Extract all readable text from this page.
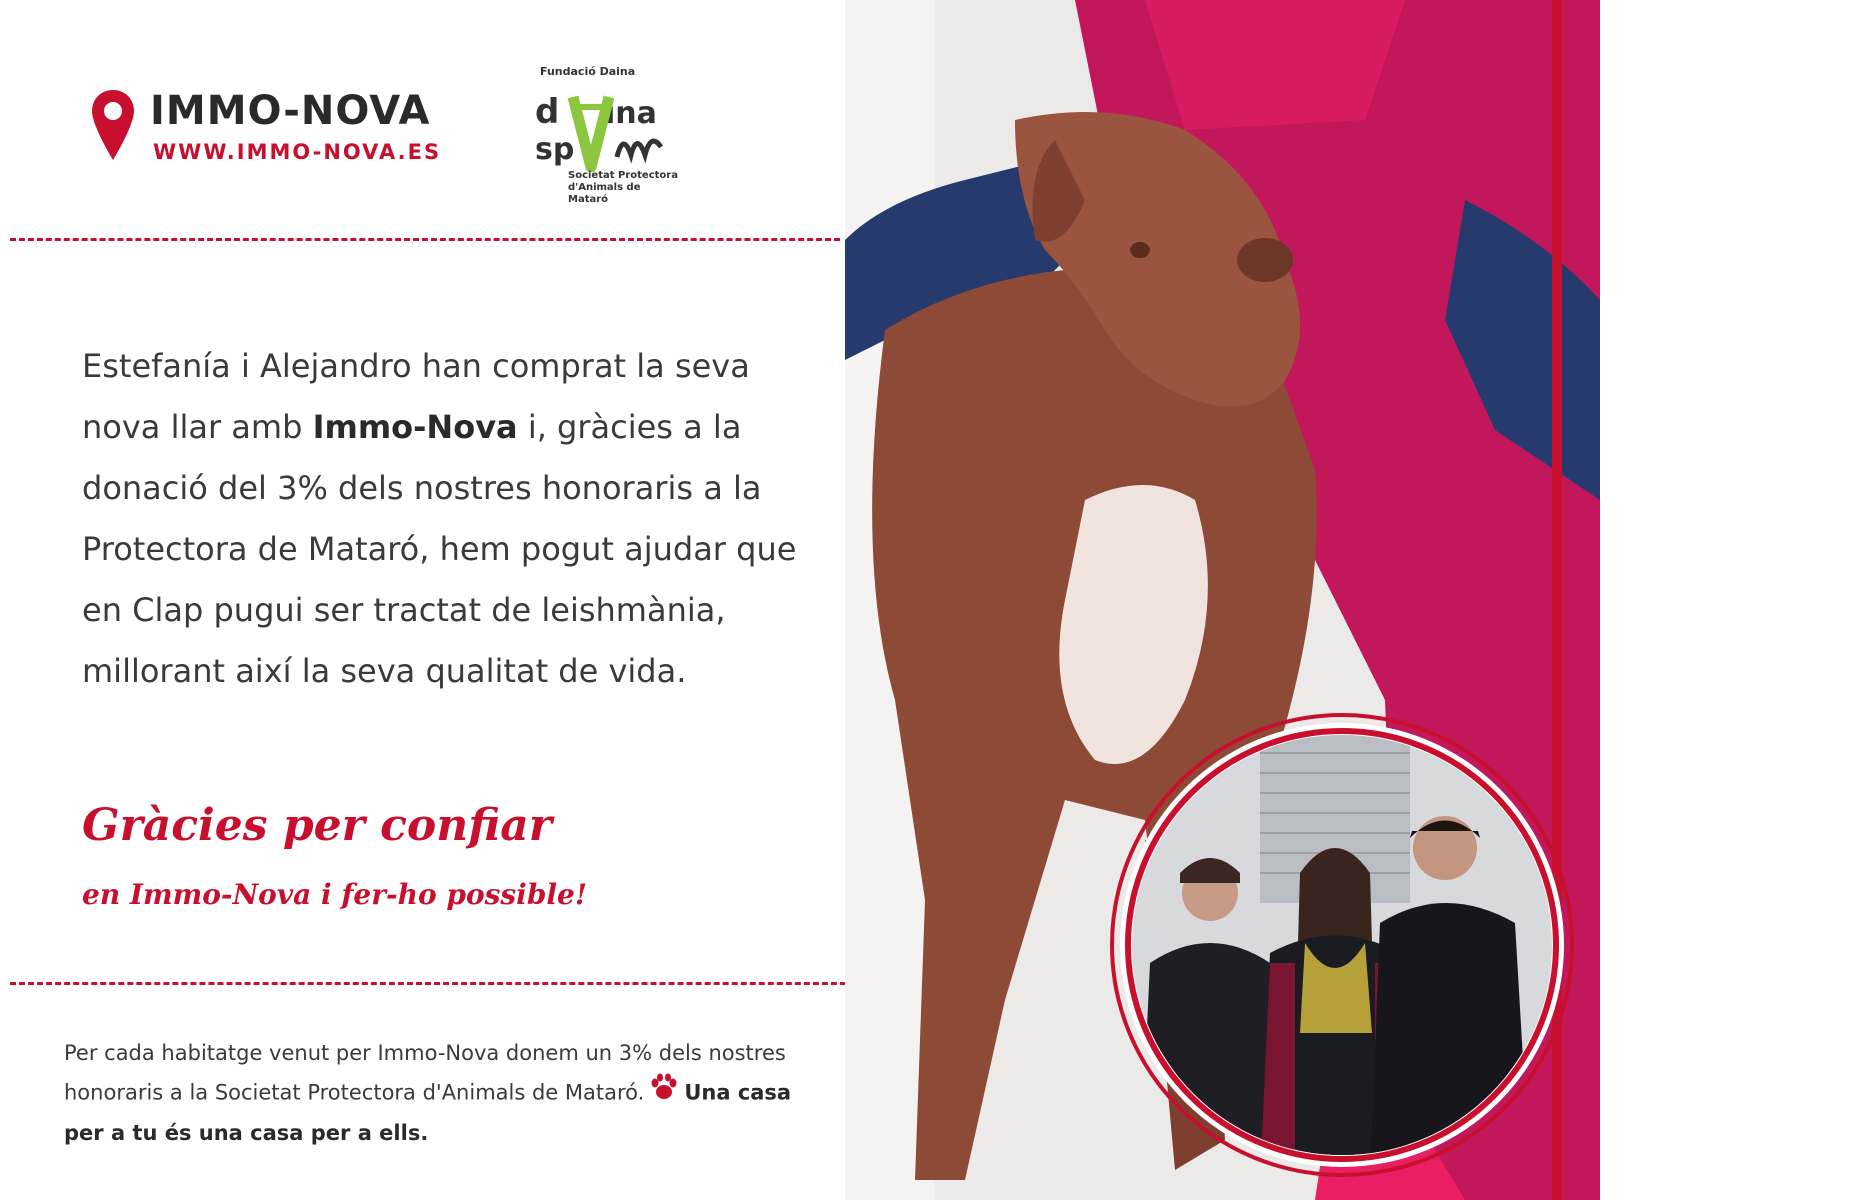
IMMO-NOVA
WWW.IMMO-NOVA.ES
Fundació Daina
d ina
sp
Societat Protectora
d'Animals de Mataró

Estefanía i Alejandro han comprat la seva nova llar amb Immo-Nova i, gràcies a la donació del 3% dels nostres honoraris a la Protectora de Mataró, hem pogut ajudar que en Clap pugui ser tractat de leishmània, millorant així la seva qualitat de vida.

Gràcies per confiar
en Immo-Nova i fer-ho possible!

Per cada habitatge venut per Immo-Nova donem un 3% dels nostres honoraris a la Societat Protectora d'Animals de Mataró. Una casa per a tu és una casa per a ells.	Clap
